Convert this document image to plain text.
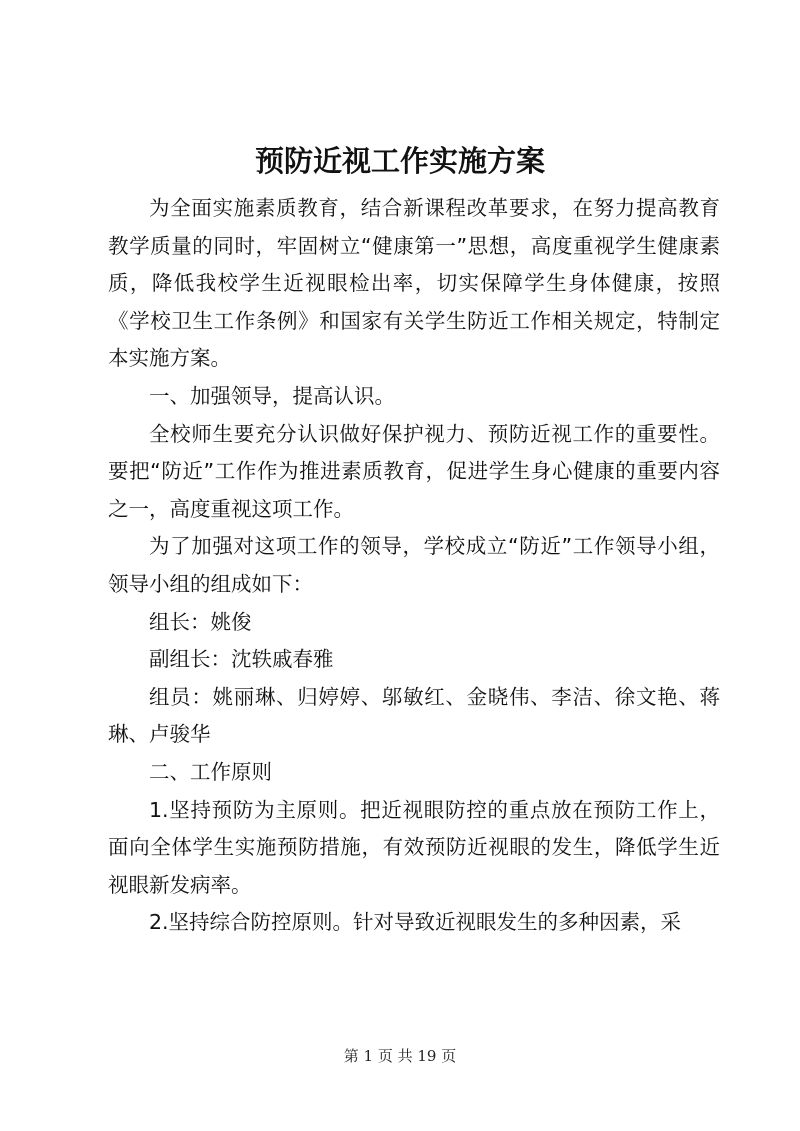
预防近视工作实施方案

为全面实施素质教育，结合新课程改革要求，在努力提高教育教学质量的同时，牢固树立“健康第一”思想，高度重视学生健康素质，降低我校学生近视眼检出率，切实保障学生身体健康，按照《学校卫生工作条例》和国家有关学生防近工作相关规定，特制定本实施方案。

一、加强领导，提高认识。

全校师生要充分认识做好保护视力、预防近视工作的重要性。要把“防近”工作作为推进素质教育，促进学生身心健康的重要内容之一，高度重视这项工作。

为了加强对这项工作的领导，学校成立“防近”工作领导小组，领导小组的组成如下：

组长：姚俊

副组长：沈轶戚春雅

组员：姚丽琳、归婷婷、邬敏红、金晓伟、李洁、徐文艳、蒋琳、卢骏华

二、工作原则

1.坚持预防为主原则。把近视眼防控的重点放在预防工作上，面向全体学生实施预防措施，有效预防近视眼的发生，降低学生近视眼新发病率。

2.坚持综合防控原则。针对导致近视眼发生的多种因素，采

第 1 页 共 19 页
